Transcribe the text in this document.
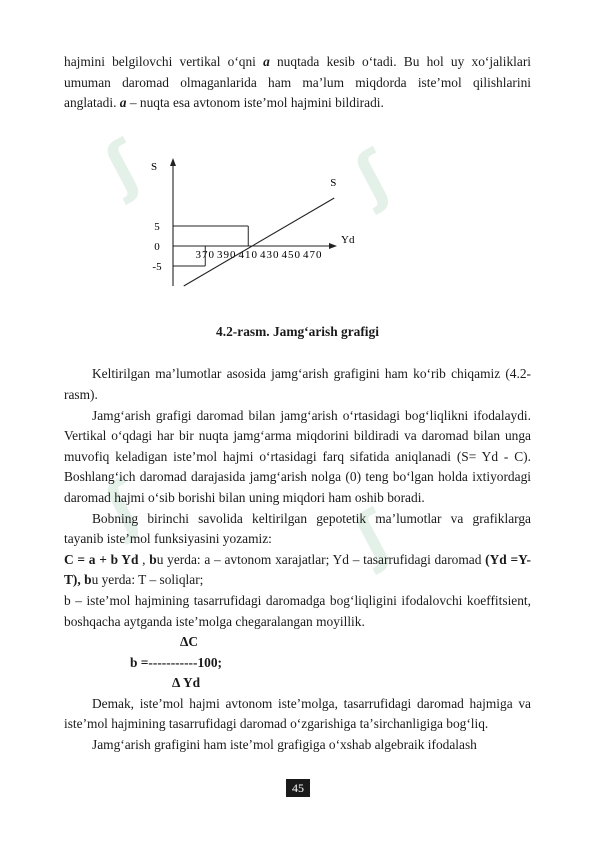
ʃ	ʃ
ʃ	ʃ

hajmini belgilovchi vertikal oʻqni a nuqtada kesib oʻtadi. Bu hol uy xoʻjaliklari umuman daromad olmaganlarida ham maʼlum miqdorda isteʼmol qilishlarini anglatadi. a – nuqta esa avtonom isteʼmol hajmini bildiradi.

S
Yd
370 390 410 430 450 470
5
0
-5
S

4.2-rasm. Jamgʻarish grafigi

Keltirilgan maʼlumotlar asosida jamgʻarish grafigini ham koʻrib chiqamiz (4.2-rasm).

Jamgʻarish grafigi daromad bilan jamgʻarish oʻrtasidagi bogʻliqlikni ifodalaydi. Vertikal oʻqdagi har bir nuqta jamgʻarma miqdorini bildiradi va daromad bilan unga muvofiq keladigan isteʼmol hajmi oʻrtasidagi farq sifatida aniqlanadi (S= Yd - C). Boshlangʻich daromad darajasida jamgʻarish nolga (0) teng boʻlgan holda ixtiyordagi daromad hajmi oʻsib borishi bilan uning miqdori ham oshib boradi.

Bobning birinchi savolida keltirilgan gepotetik maʼlumotlar va grafiklarga tayanib isteʼmol funksiyasini yozamiz:

C = a + b Yd , bu yerda: a – avtonom xarajatlar; Yd – tasarrufidagi daromad (Yd =Y-T), bu yerda: T – soliqlar;

b – isteʼmol hajmining tasarrufidagi daromadga bogʻliqligini ifodalovchi koeffitsient, boshqacha aytganda isteʼmolga chegaralangan moyillik.

ΔC
b =-----------100;
Δ Yd

Demak, isteʼmol hajmi avtonom isteʼmolga, tasarrufidagi daromad hajmiga va isteʼmol hajmining tasarrufidagi daromad oʻzgarishiga taʼsirchanligiga bogʻliq.

Jamgʻarish grafigini ham isteʼmol grafigiga oʻxshab algebraik ifodalash

45
